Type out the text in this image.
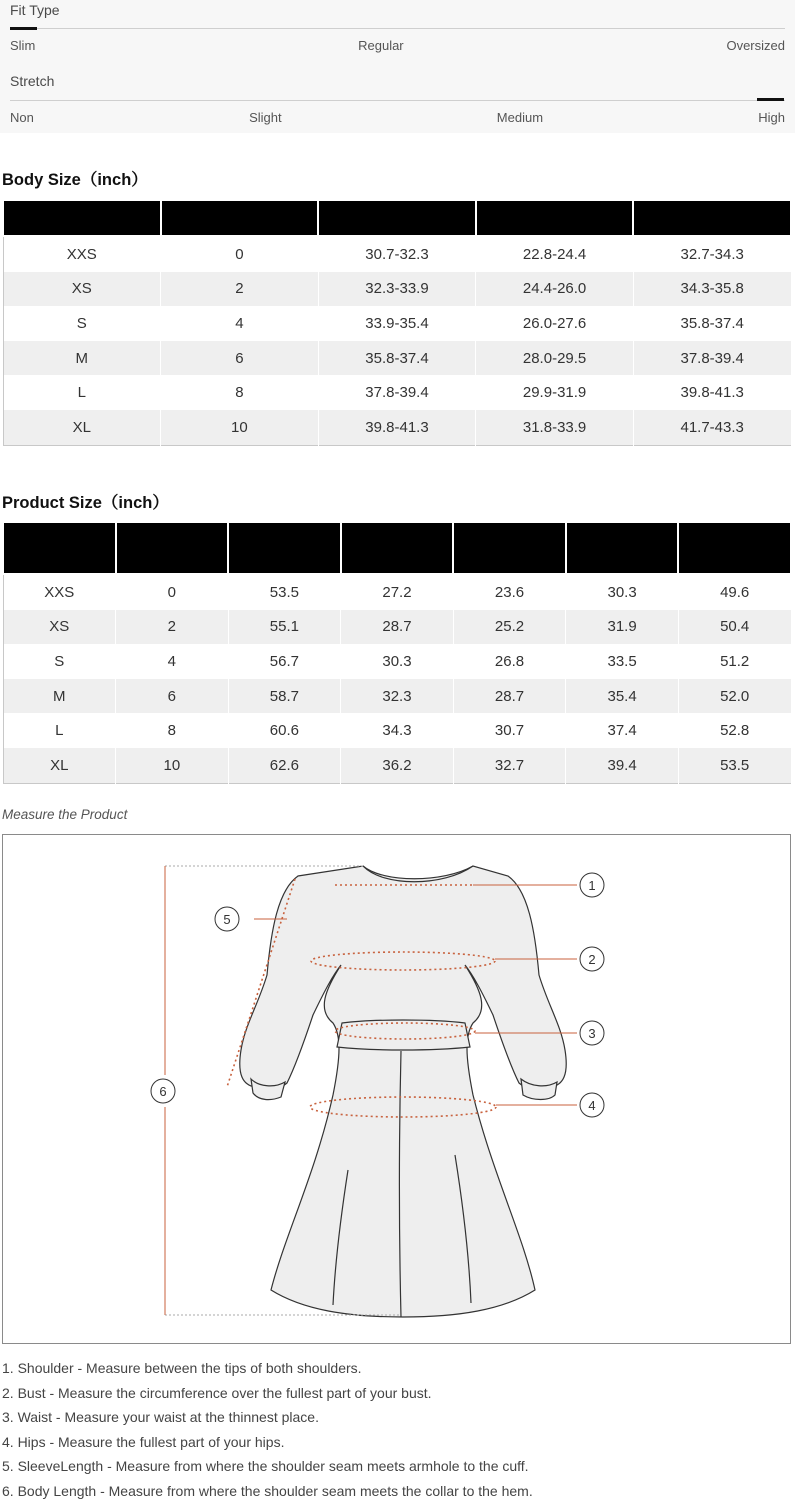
Fit Type
Slim	Regular	Oversized
Stretch
Non	Slight	Medium	High
Body Size（inch）

XXS	0	30.7-32.3	22.8-24.4	32.7-34.3
XS	2	32.3-33.9	24.4-26.0	34.3-35.8
S	4	33.9-35.4	26.0-27.6	35.8-37.4
M	6	35.8-37.4	28.0-29.5	37.8-39.4
L	8	37.8-39.4	29.9-31.9	39.8-41.3
XL	10	39.8-41.3	31.8-33.9	41.7-43.3
Product Size（inch）

XXS	0	53.5	27.2	23.6	30.3	49.6
XS	2	55.1	28.7	25.2	31.9	50.4
S	4	56.7	30.3	26.8	33.5	51.2
M	6	58.7	32.3	28.7	35.4	52.0
L	8	60.6	34.3	30.7	37.4	52.8
XL	10	62.6	36.2	32.7	39.4	53.5
Measure the Product
1
2
3
4
5
6
1. Shoulder - Measure between the tips of both shoulders.
2. Bust - Measure the circumference over the fullest part of your bust.
3. Waist - Measure your waist at the thinnest place.
4. Hips - Measure the fullest part of your hips.
5. SleeveLength - Measure from where the shoulder seam meets armhole to the cuff.
6. Body Length - Measure from where the shoulder seam meets the collar to the hem.
